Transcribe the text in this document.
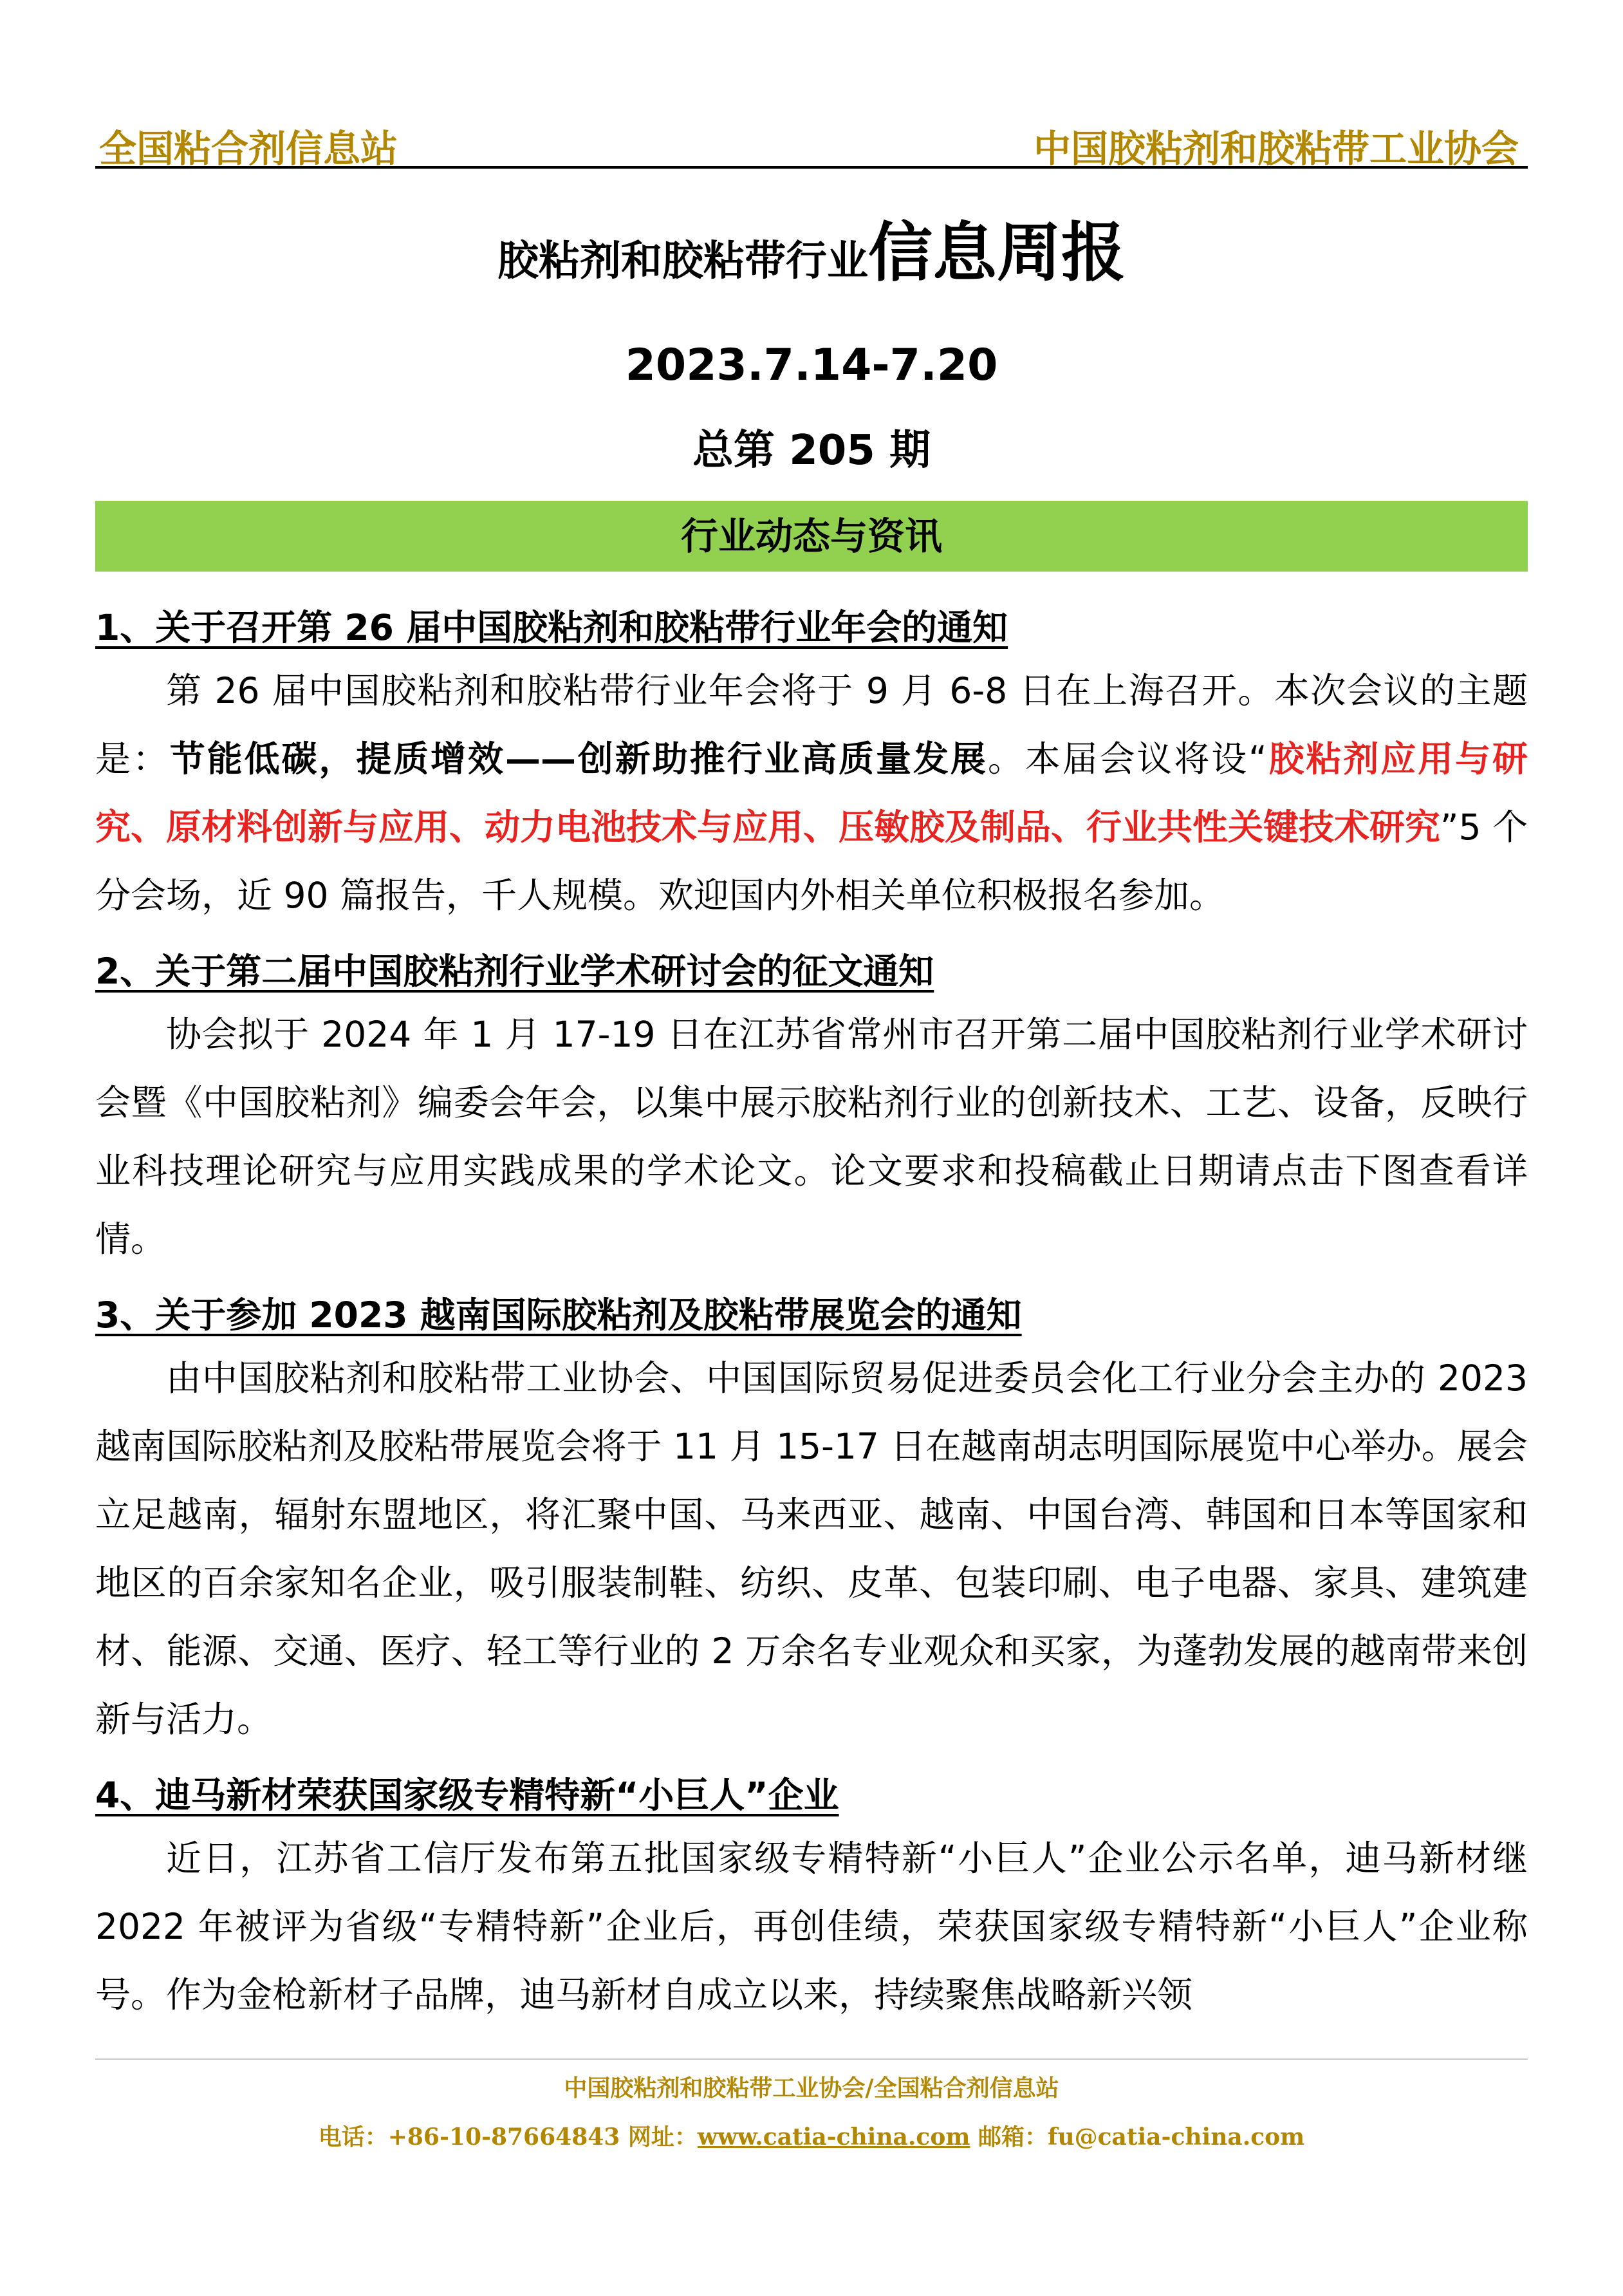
全国粘合剂信息站	中国胶粘剂和胶粘带工业协会
胶粘剂和胶粘带行业信息周报
2023.7.14-7.20
总第 205 期
行业动态与资讯
1、关于召开第 26 届中国胶粘剂和胶粘带行业年会的通知

第 26 届中国胶粘剂和胶粘带行业年会将于 9 月 6-8 日在上海召开。本次会议的主题是：节能低碳，提质增效——创新助推行业高质量发展。本届会议将设“胶粘剂应用与研究、原材料创新与应用、动力电池技术与应用、压敏胶及制品、行业共性关键技术研究”5 个分会场，近 90 篇报告，千人规模。欢迎国内外相关单位积极报名参加。

2、关于第二届中国胶粘剂行业学术研讨会的征文通知

协会拟于 2024 年 1 月 17-19 日在江苏省常州市召开第二届中国胶粘剂行业学术研讨会暨《中国胶粘剂》编委会年会，以集中展示胶粘剂行业的创新技术、工艺、设备，反映行业科技理论研究与应用实践成果的学术论文。论文要求和投稿截止日期请点击下图查看详情。

3、关于参加 2023 越南国际胶粘剂及胶粘带展览会的通知

由中国胶粘剂和胶粘带工业协会、中国国际贸易促进委员会化工行业分会主办的 2023 越南国际胶粘剂及胶粘带展览会将于 11 月 15-17 日在越南胡志明国际展览中心举办。展会立足越南，辐射东盟地区，将汇聚中国、马来西亚、越南、中国台湾、韩国和日本等国家和地区的百余家知名企业，吸引服装制鞋、纺织、皮革、包装印刷、电子电器、家具、建筑建材、能源、交通、医疗、轻工等行业的 2 万余名专业观众和买家，为蓬勃发展的越南带来创新与活力。

4、迪马新材荣获国家级专精特新“小巨人”企业

近日，江苏省工信厅发布第五批国家级专精特新“小巨人”企业公示名单，迪马新材继 2022 年被评为省级“专精特新”企业后，再创佳绩，荣获国家级专精特新“小巨人”企业称号。作为金枪新材子品牌，迪马新材自成立以来，持续聚焦战略新兴领

中国胶粘剂和胶粘带工业协会/全国粘合剂信息站
电话：+86-10-87664843 网址：www.catia-china.com 邮箱：fu@catia-china.com
